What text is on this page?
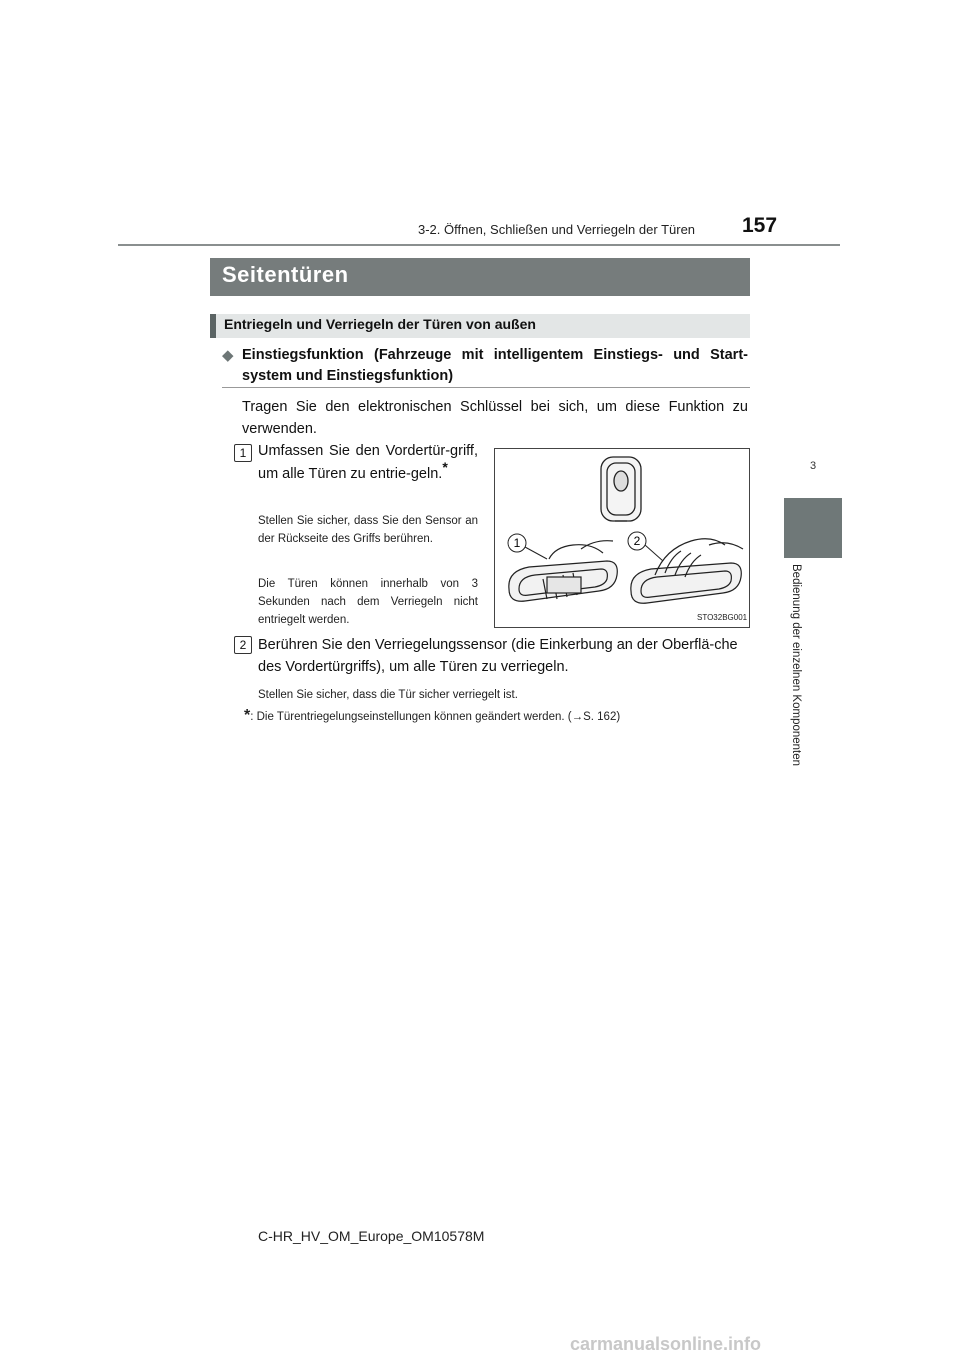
3-2. Öffnen, Schließen und Verriegeln der Türen 157
3
Bedienung der einzelnen Komponenten
Seitentüren
Entriegeln und Verriegeln der Türen von außen
◆ Einstiegsfunktion (Fahrzeuge mit intelligentem Einstiegs- und Start-system und Einstiegsfunktion)
Tragen Sie den elektronischen Schlüssel bei sich, um diese Funktion zu verwenden.
1 Umfassen Sie den Vordertür-griff, um alle Türen zu entrie-geln.*
Stellen Sie sicher, dass Sie den Sensor an der Rückseite des Griffs berühren.
Die Türen können innerhalb von 3 Sekunden nach dem Verriegeln nicht entriegelt werden.
1	2
STO32BG001
2 Berühren Sie den Verriegelungssensor (die Einkerbung an der Oberflä-che des Vordertürgriffs), um alle Türen zu verriegeln.
Stellen Sie sicher, dass die Tür sicher verriegelt ist.
*: Die Türentriegelungseinstellungen können geändert werden. (→S. 162)
C-HR_HV_OM_Europe_OM10578M
carmanualsonline.info
